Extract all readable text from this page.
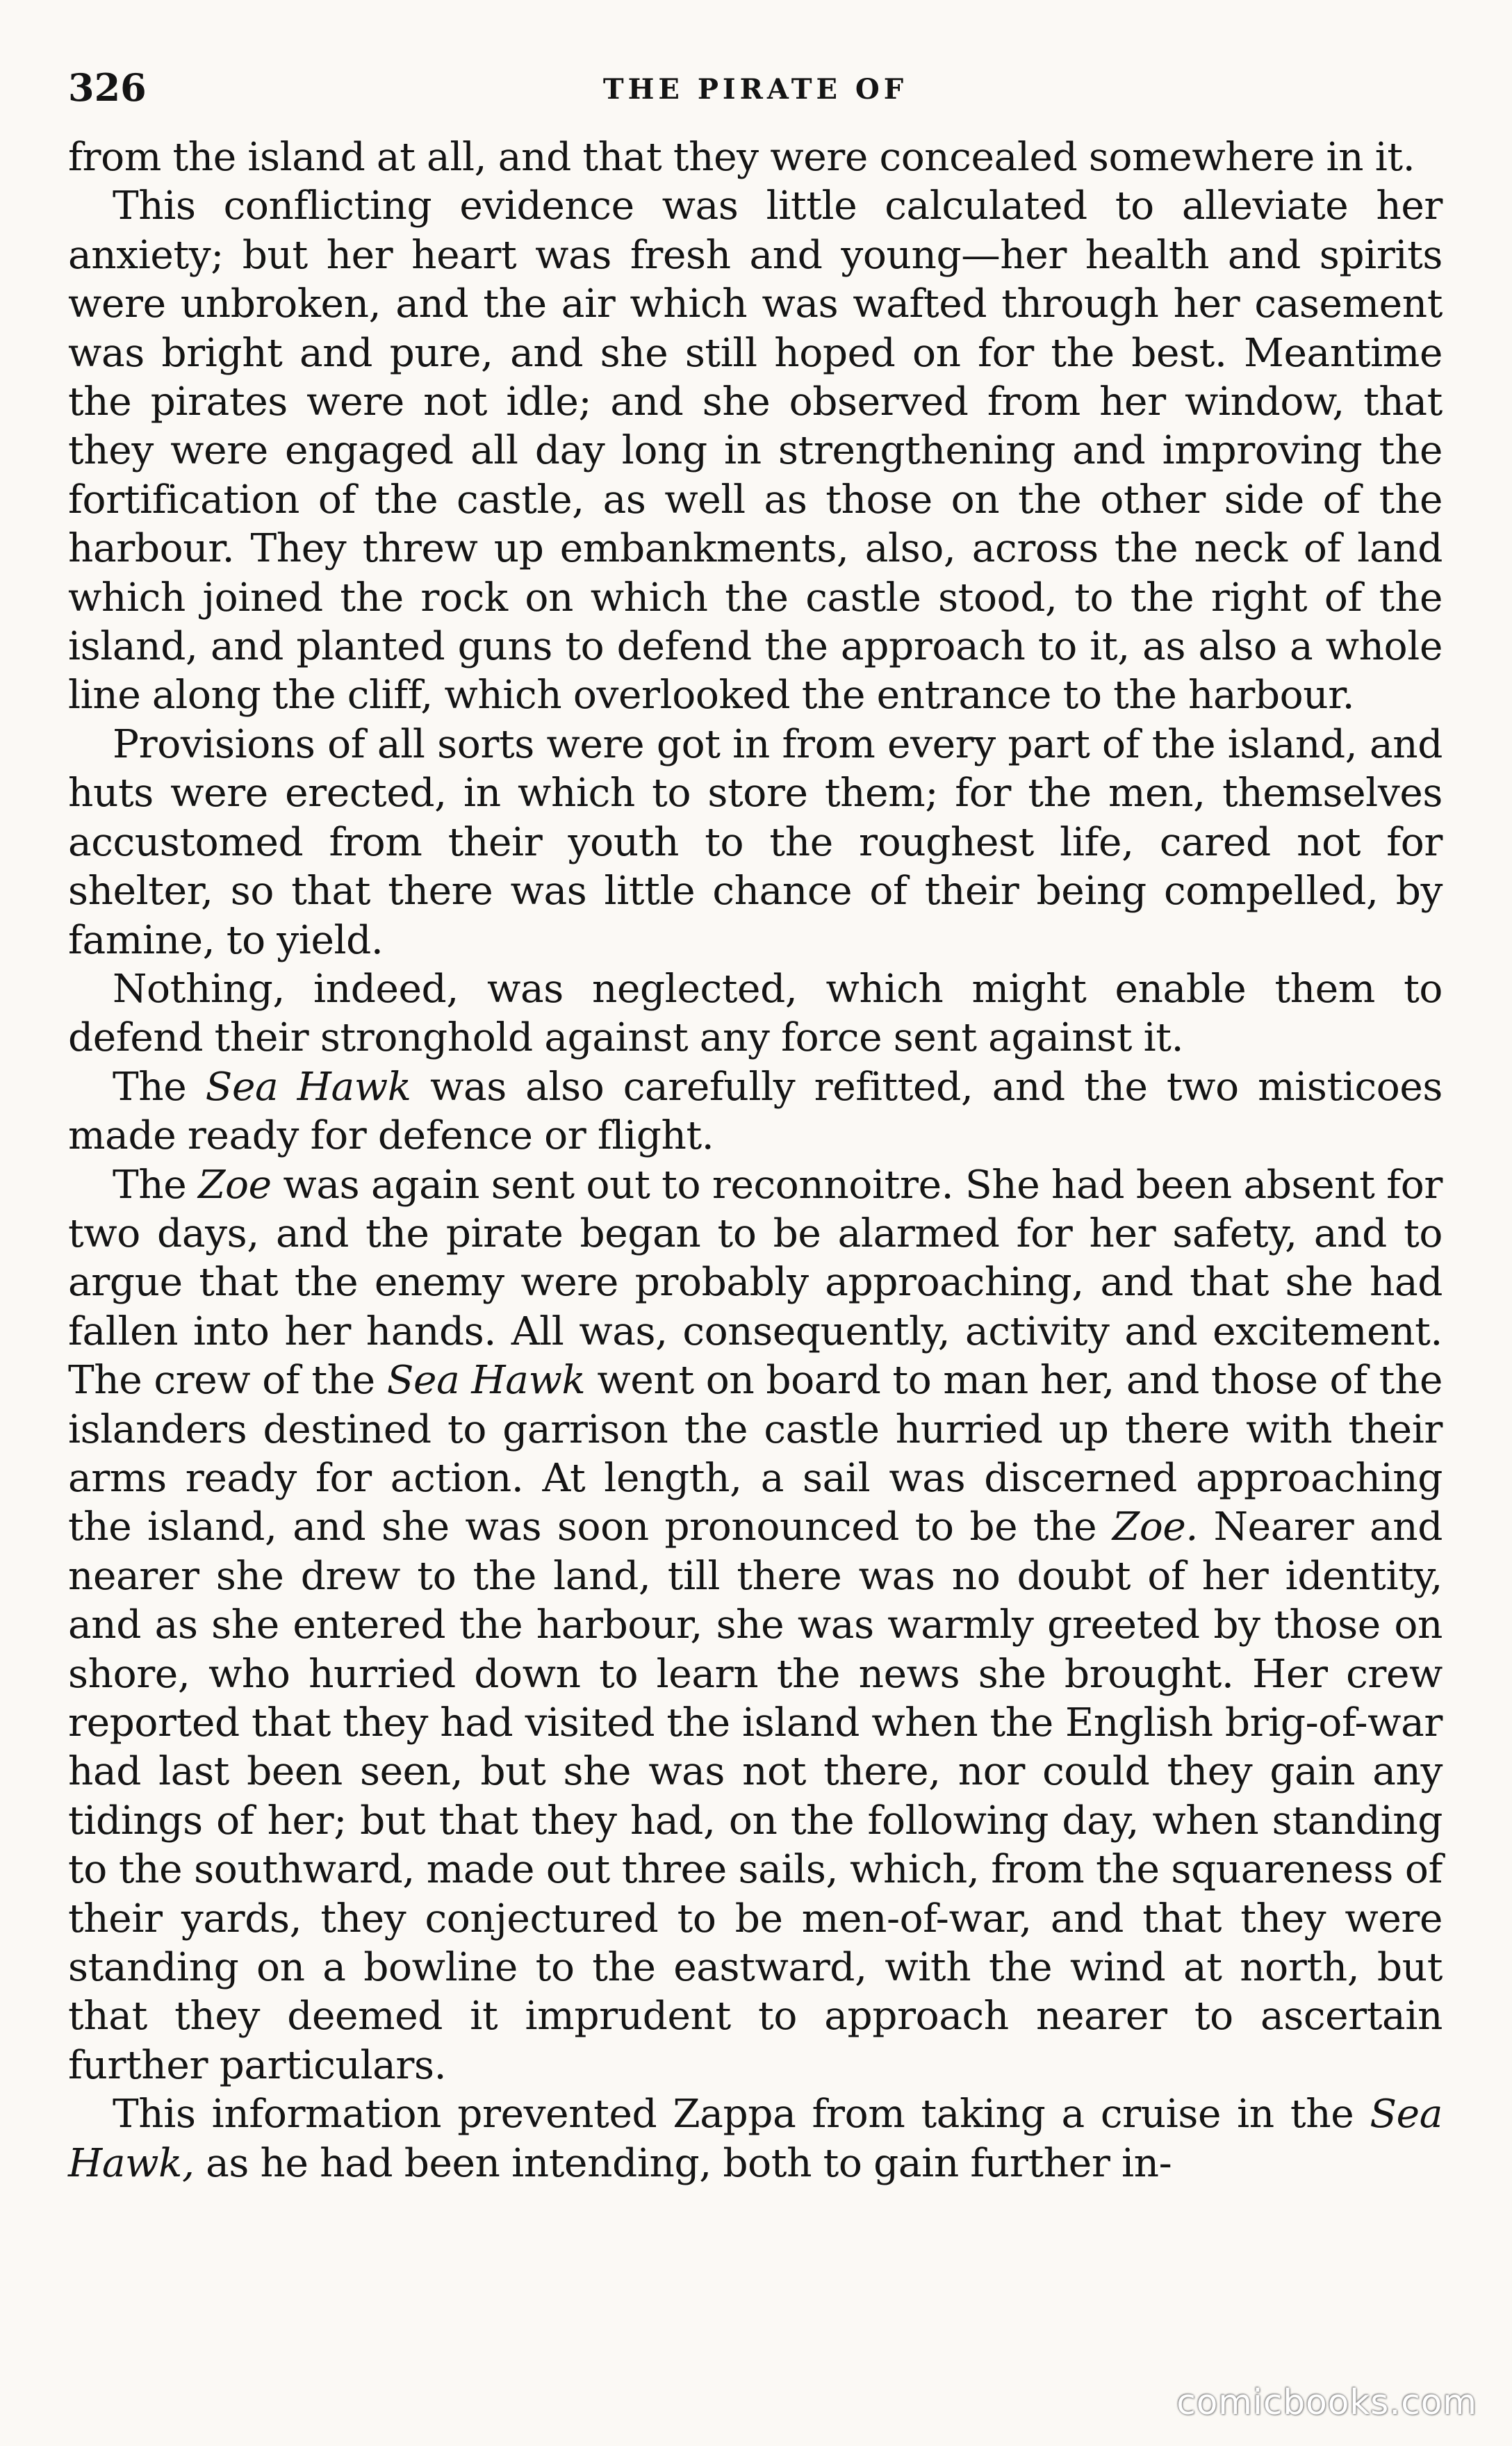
326	THE PIRATE OF

from the island at all, and that they were concealed somewhere in it.

This conflicting evidence was little calculated to alleviate her anxiety; but her heart was fresh and young—her health and spirits were unbroken, and the air which was wafted through her casement was bright and pure, and she still hoped on for the best. Meantime the pirates were not idle; and she observed from her window, that they were engaged all day long in strengthening and improving the fortification of the castle, as well as those on the other side of the harbour. They threw up embankments, also, across the neck of land which joined the rock on which the castle stood, to the right of the island, and planted guns to defend the approach to it, as also a whole line along the cliff, which overlooked the entrance to the harbour.

Provisions of all sorts were got in from every part of the island, and huts were erected, in which to store them; for the men, themselves accustomed from their youth to the roughest life, cared not for shelter, so that there was little chance of their being compelled, by famine, to yield.

Nothing, indeed, was neglected, which might enable them to defend their stronghold against any force sent against it.

The Sea Hawk was also carefully refitted, and the two misticoes made ready for defence or flight.

The Zoe was again sent out to reconnoitre. She had been absent for two days, and the pirate began to be alarmed for her safety, and to argue that the enemy were probably approaching, and that she had fallen into her hands. All was, consequently, activity and excitement. The crew of the Sea Hawk went on board to man her, and those of the islanders destined to garrison the castle hurried up there with their arms ready for action. At length, a sail was discerned approaching the island, and she was soon pronounced to be the Zoe. Nearer and nearer she drew to the land, till there was no doubt of her identity, and as she entered the harbour, she was warmly greeted by those on shore, who hurried down to learn the news she brought. Her crew reported that they had visited the island when the English brig-of-war had last been seen, but she was not there, nor could they gain any tidings of her; but that they had, on the following day, when standing to the southward, made out three sails, which, from the squareness of their yards, they conjectured to be men-of-war, and that they were standing on a bowline to the eastward, with the wind at north, but that they deemed it imprudent to approach nearer to ascertain further particulars.

This information prevented Zappa from taking a cruise in the Sea Hawk, as he had been intending, both to gain further in-

comicbooks.com
